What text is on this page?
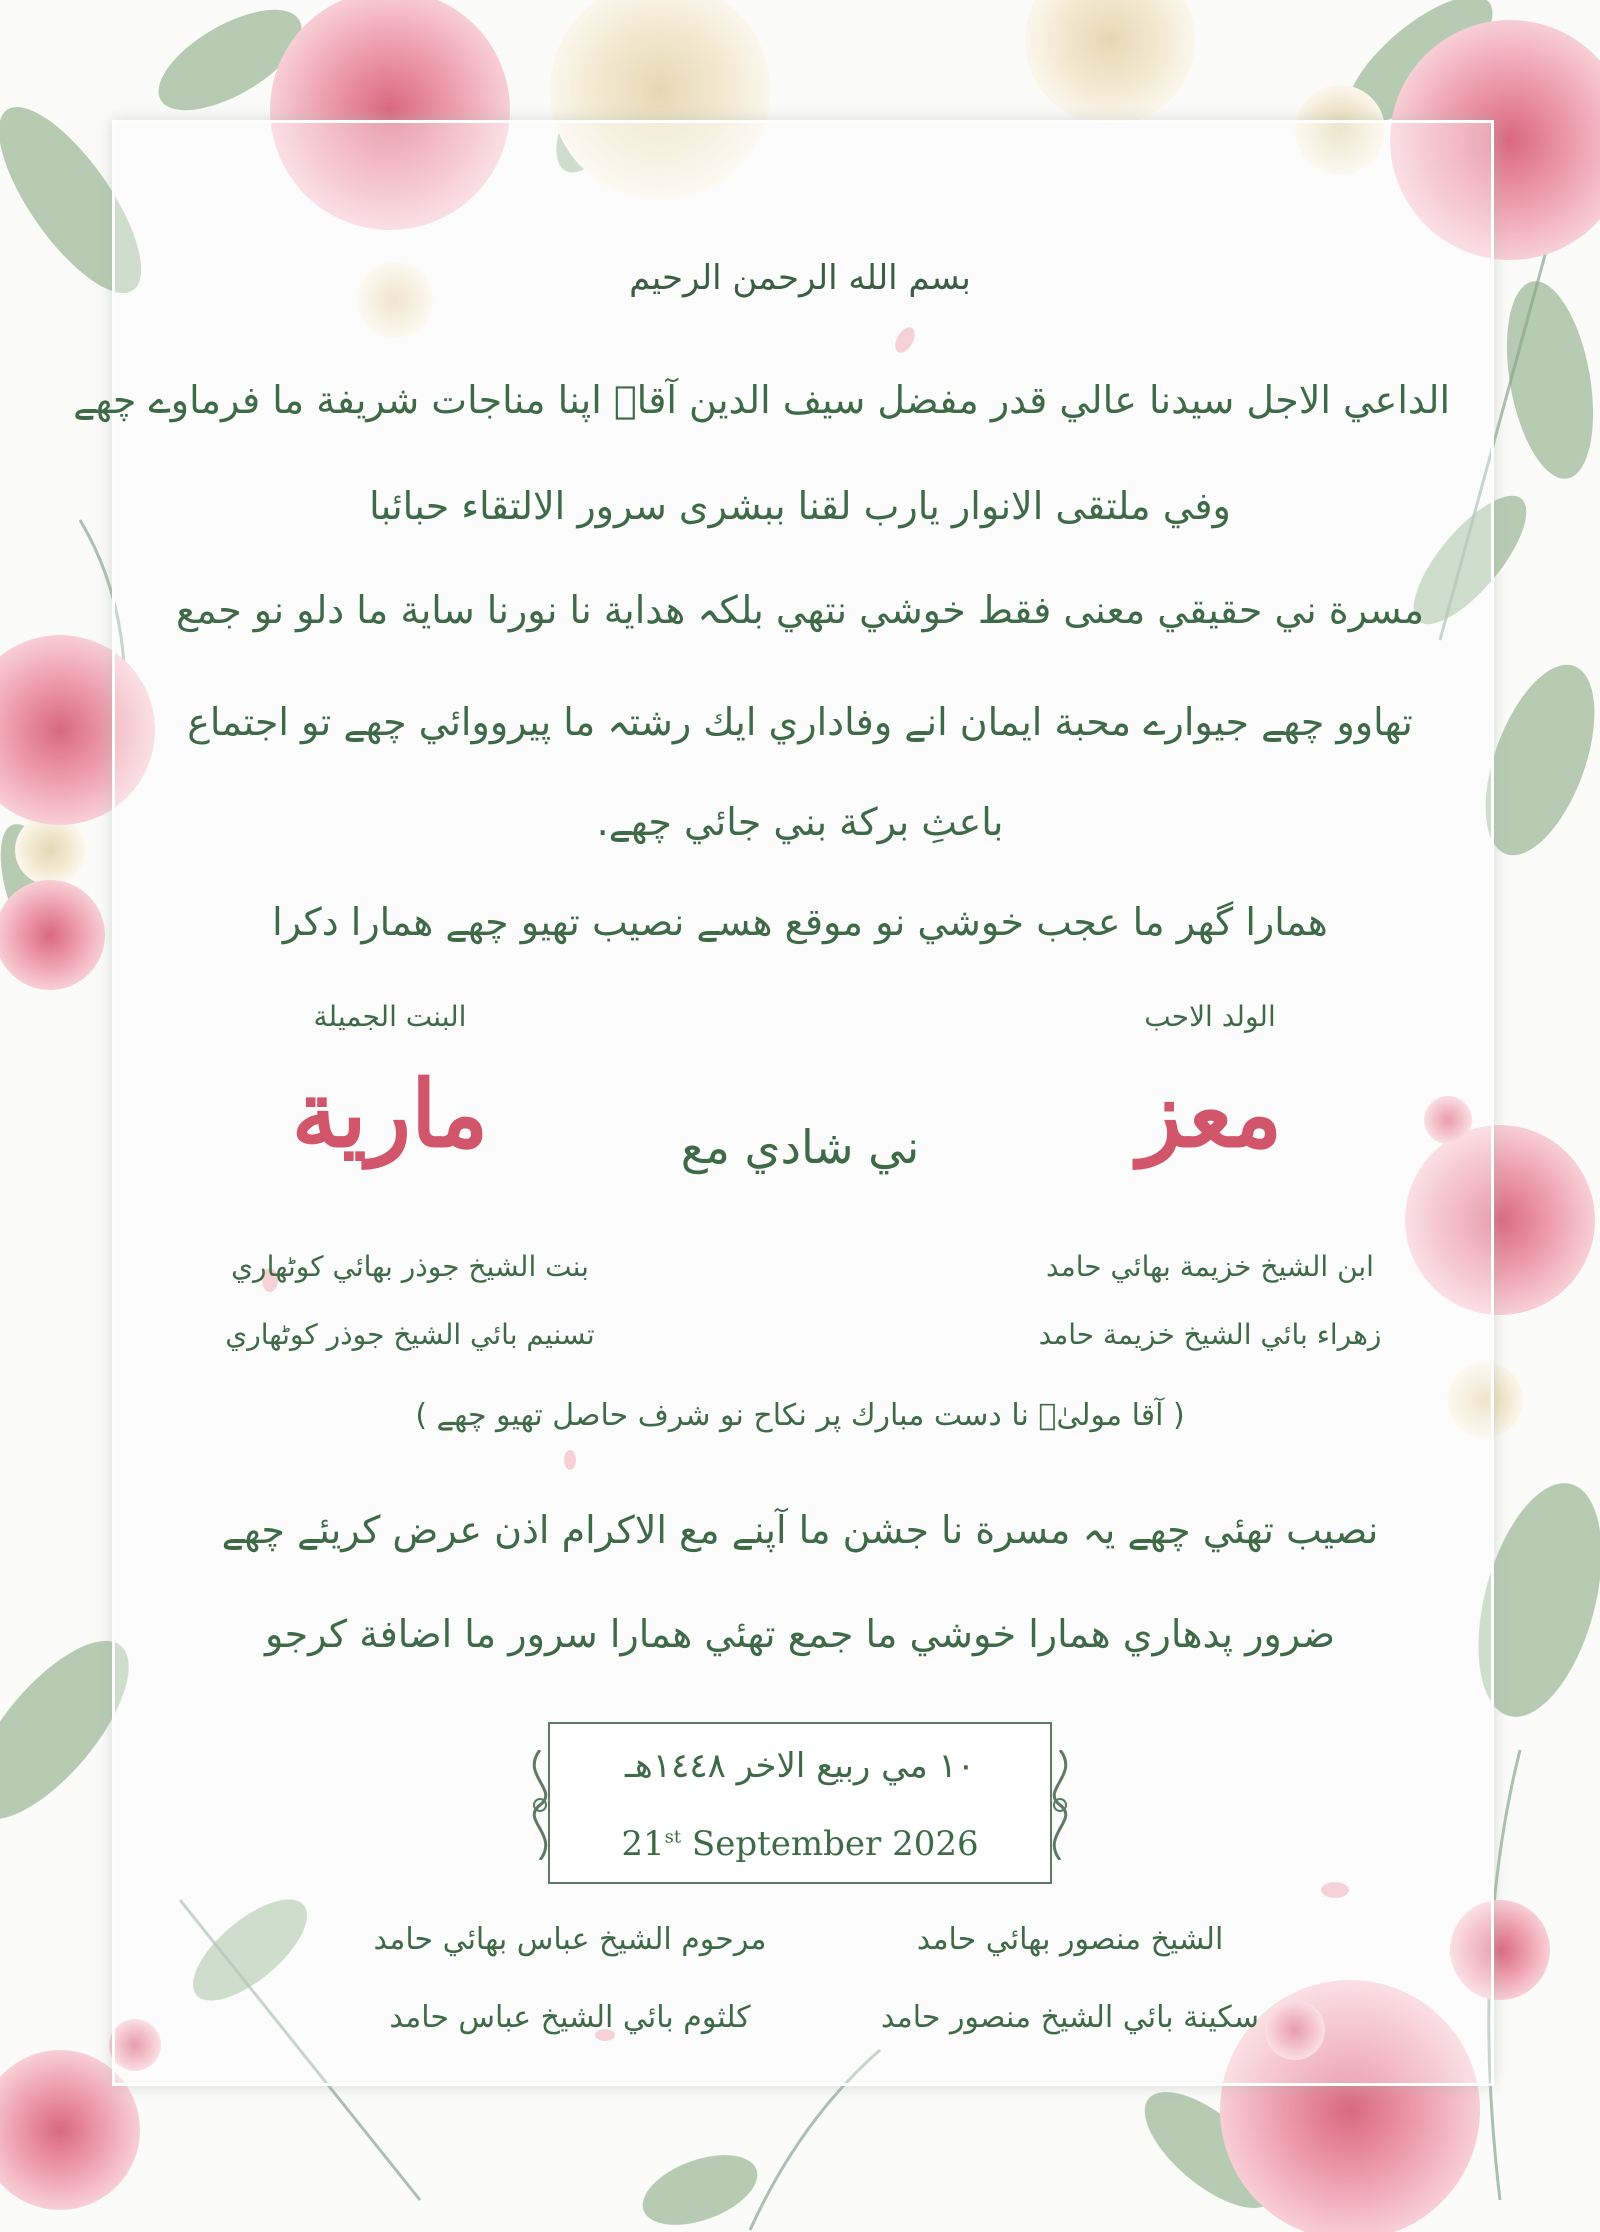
بسم الله الرحمن الرحيم
الداعي الاجل سيدنا عالي قدر مفضل سيف الدين آقاؑ اپنا مناجات شريفة ما فرماوے چھے
وفي ملتقى الانوار يارب لقنا ببشرى سرور الالتقاء حبائبا
مسرة ني حقيقي معنى فقط خوشي نتھي بلكہ هداية نا نورنا ساية ما دلو نو جمع
تھاوو چھے جيوارے محبة ايمان انے وفاداري ايك رشتہ ما پيرووائي چھے تو اجتماع
باعثِ بركة بني جائي چھے.
همارا گھر ما عجب خوشي نو موقع هسے نصيب تھيو چھے همارا دكرا
الولد الاحب
معز
ابن الشيخ خزيمة بھائي حامد
زهراء بائي الشيخ خزيمة حامد
ني شادي مع
البنت الجميلة
مارية
بنت الشيخ جوذر بھائي كوٹھاري
تسنيم بائي الشيخ جوذر كوٹھاري
( آقا مولیٰؑ نا دست مبارك پر نكاح نو شرف حاصل تھيو چھے )
نصيب تھئي چھے يہ مسرة نا جشن ما آپنے مع الاكرام اذن عرض كريئے چھے
ضرور پدهاري همارا خوشي ما جمع تھئي همارا سرور ما اضافة كرجو
١٠ مي ربيع الاخر ١٤٤٨هـ
21st September 2026
الشيخ منصور بھائي حامد
سكينة بائي الشيخ منصور حامد
مرحوم الشيخ عباس بھائي حامد
كلثوم بائي الشيخ عباس حامد
